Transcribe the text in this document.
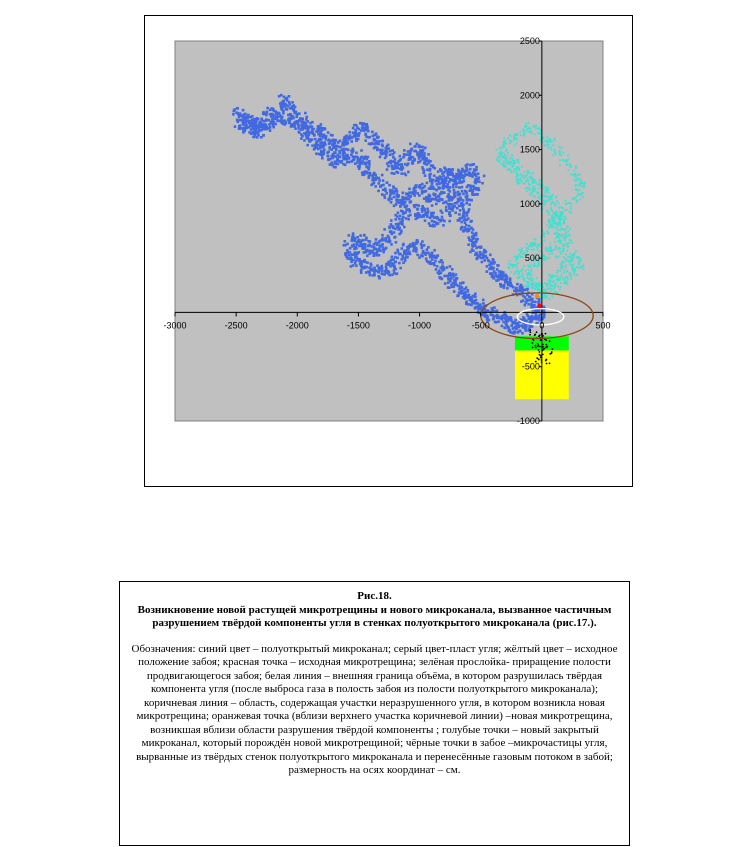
-3000	-2500	-2000	-1500	-1000	-500	0	500
-1000
-500
500
1000
1500
2000
2500

Рис.18.

Возникновение новой растущей микротрещины и нового микроканала, вызванное частичным разрушением твёрдой компоненты угля в стенках полуоткрытого микроканала (рис.17.).

Обозначения: синий цвет – полуоткрытый микроканал; серый цвет-пласт угля; жёлтый цвет – исходное положение забоя; красная точка – исходная микротрещина; зелёная прослойка- приращение полости продвигающегося забоя; белая линия – внешняя граница объёма, в котором разрушилась твёрдая компонента угля (после выброса газа в полость забоя из полости полуоткрытого микроканала); коричневая линия – область, содержащая участки неразрушенного угля, в котором возникла новая микротрещина; оранжевая точка (вблизи верхнего участка коричневой линии) –новая микротрещина, возникшая вблизи области разрушения твёрдой компоненты ; голубые точки – новый закрытый микроканал, который порождён новой микротрещиной; чёрные точки в забое –микрочастицы угля, вырванные из твёрдых стенок полуоткрытого микроканала и перенесённые газовым потоком в забой; размерность на осях координат – см.
